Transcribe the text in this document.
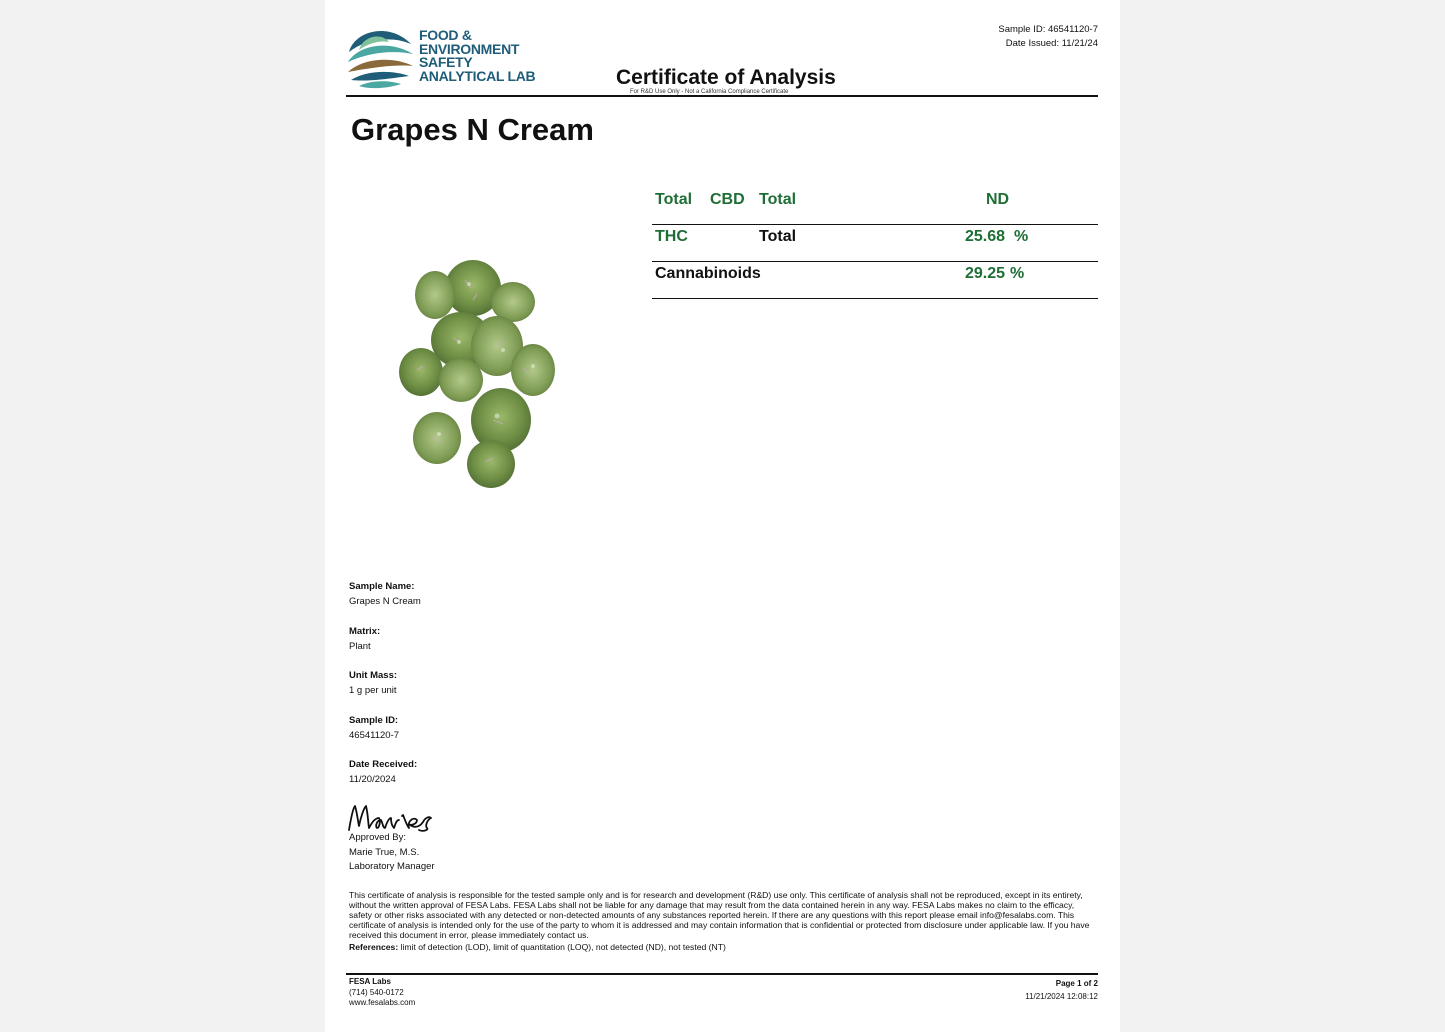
FOOD &
ENVIRONMENT
SAFETY
ANALYTICAL LAB
Sample ID: 46541120-7
Date Issued: 11/21/24
Certificate of Analysis
For R&D Use Only - Not a California Compliance Certificate
Grapes N Cream
Total CBD Total	ND
THC	Total	25.68 %
Cannabinoids	29.25 %
Sample Name:
Grapes N Cream
Matrix:
Plant
Unit Mass:
1 g per unit
Sample ID:
46541120-7
Date Received:
11/20/2024
Approved By:
Marie True, M.S.
Laboratory Manager
This certificate of analysis is responsible for the tested sample only and is for research and development (R&D) use only. This certificate of analysis shall not be reproduced, except in its entirety, without the written approval of FESA Labs. FESA Labs shall not be liable for any damage that may result from the data contained herein in any way. FESA Labs makes no claim to the efficacy, safety or other risks associated with any detected or non-detected amounts of any substances reported herein. If there are any questions with this report please email info@fesalabs.com. This certificate of analysis is intended only for the use of the party to whom it is addressed and may contain information that is confidential or protected from disclosure under applicable law. If you have received this document in error, please immediately contact us.
References: limit of detection (LOD), limit of quantitation (LOQ), not detected (ND), not tested (NT)
FESA Labs
(714) 540-0172
www.fesalabs.com
Page 1 of 2
11/21/2024 12:08:12
